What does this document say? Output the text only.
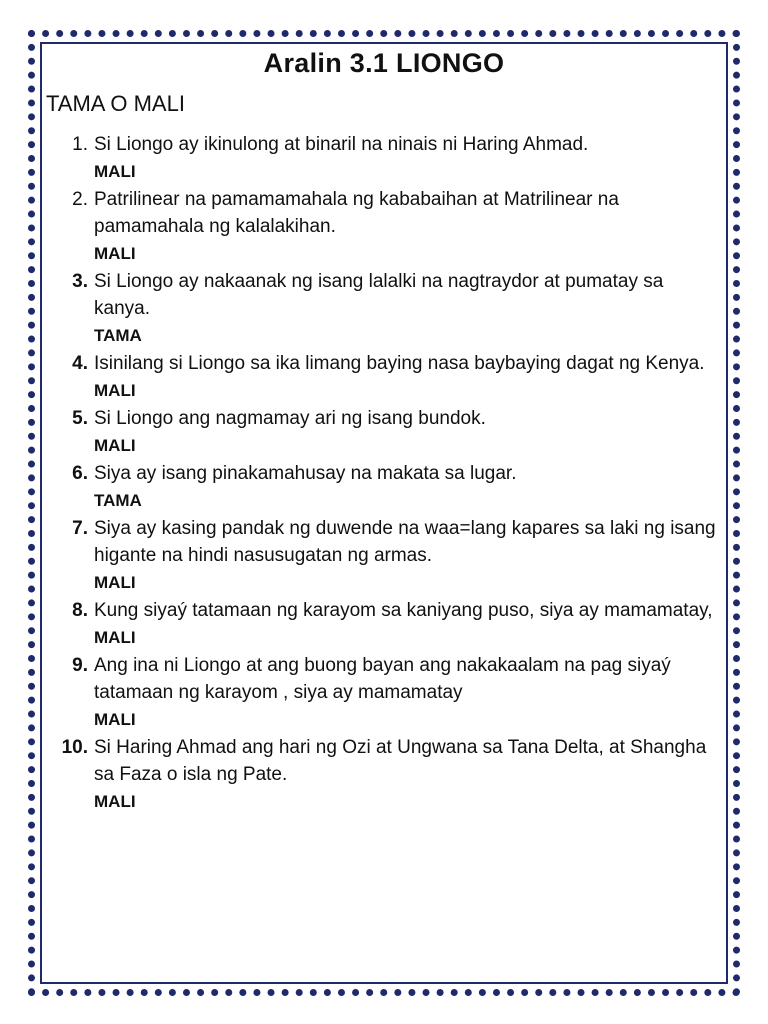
Aralin 3.1 LIONGO
TAMA O MALI
1. Si Liongo ay ikinulong at binaril na ninais ni Haring Ahmad.
MALI
2. Patrilinear na pamamamahala ng kababaihan at Matrilinear na pamamahala ng kalalakihan.
MALI
3. Si Liongo ay nakaanak ng isang lalalki na nagtraydor at pumatay sa kanya.
TAMA
4. Isinilang si Liongo sa ika limang baying nasa baybaying dagat ng Kenya.
MALI
5. Si Liongo ang nagmamay ari ng isang bundok.
MALI
6. Siya ay isang pinakamahusay na makata sa lugar.
TAMA
7. Siya ay kasing pandak ng duwende na waa=lang kapares sa laki ng isang higante na hindi nasusugatan ng armas.
MALI
8. Kung siyaý tatamaan ng karayom sa kaniyang puso, siya ay mamamatay,
MALI
9. Ang ina ni Liongo at ang buong bayan ang nakakaalam na pag siyaý tatamaan ng karayom , siya ay mamamatay
MALI
10. Si Haring Ahmad ang hari ng Ozi at Ungwana sa Tana Delta, at Shangha sa Faza o isla ng Pate.
MALI
